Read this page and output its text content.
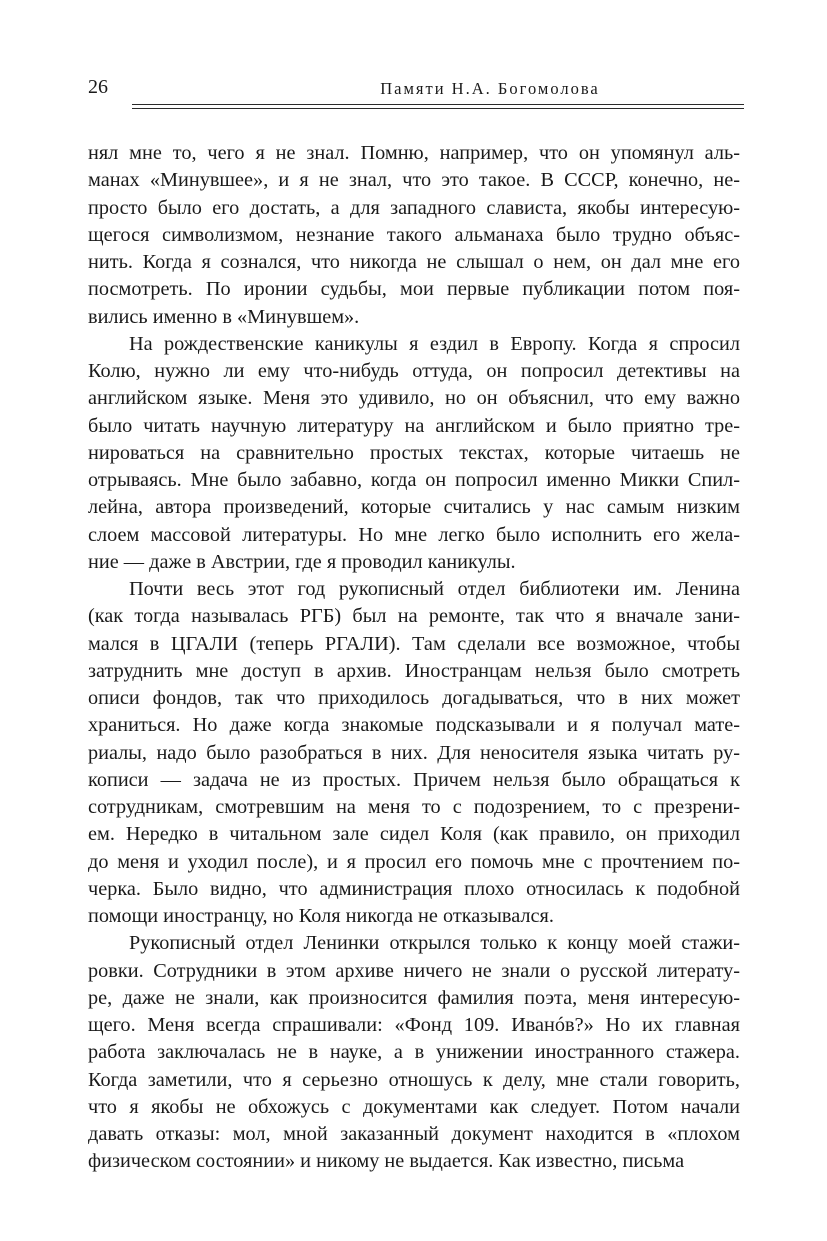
26	Памяти Н.А. Богомолова
нял мне то, чего я не знал. Помню, например, что он упомянул аль-
манах «Минувшее», и я не знал, что это такое. В СССР, конечно, не-
просто было его достать, а для западного слависта, якобы интересую-
щегося символизмом, незнание такого альманаха было трудно объяс-
нить. Когда я сознался, что никогда не слышал о нем, он дал мне его
посмотреть. По иронии судьбы, мои первые публикации потом поя-
вились именно в «Минувшем».
На рождественские каникулы я ездил в Европу. Когда я спросил
Колю, нужно ли ему что-нибудь оттуда, он попросил детективы на
английском языке. Меня это удивило, но он объяснил, что ему важно
было читать научную литературу на английском и было приятно тре-
нироваться на сравнительно простых текстах, которые читаешь не
отрываясь. Мне было забавно, когда он попросил именно Микки Спил-
лейна, автора произведений, которые считались у нас самым низким
слоем массовой литературы. Но мне легко было исполнить его жела-
ние — даже в Австрии, где я проводил каникулы.
Почти весь этот год рукописный отдел библиотеки им. Ленина
(как тогда называлась РГБ) был на ремонте, так что я вначале зани-
мался в ЦГАЛИ (теперь РГАЛИ). Там сделали все возможное, чтобы
затруднить мне доступ в архив. Иностранцам нельзя было смотреть
описи фондов, так что приходилось догадываться, что в них может
храниться. Но даже когда знакомые подсказывали и я получал мате-
риалы, надо было разобраться в них. Для неносителя языка читать ру-
кописи — задача не из простых. Причем нельзя было обращаться к
сотрудникам, смотревшим на меня то с подозрением, то с презрени-
ем. Нередко в читальном зале сидел Коля (как правило, он приходил
до меня и уходил после), и я просил его помочь мне с прочтением по-
черка. Было видно, что администрация плохо относилась к подобной
помощи иностранцу, но Коля никогда не отказывался.
Рукописный отдел Ленинки открылся только к концу моей стажи-
ровки. Сотрудники в этом архиве ничего не знали о русской литерату-
ре, даже не знали, как произносится фамилия поэта, меня интересую-
щего. Меня всегда спрашивали: «Фонд 109. Иванóв?» Но их главная
работа заключалась не в науке, а в унижении иностранного стажера.
Когда заметили, что я серьезно отношусь к делу, мне стали говорить,
что я якобы не обхожусь с документами как следует. Потом начали
давать отказы: мол, мной заказанный документ находится в «плохом
физическом состоянии» и никому не выдается. Как известно, письма
